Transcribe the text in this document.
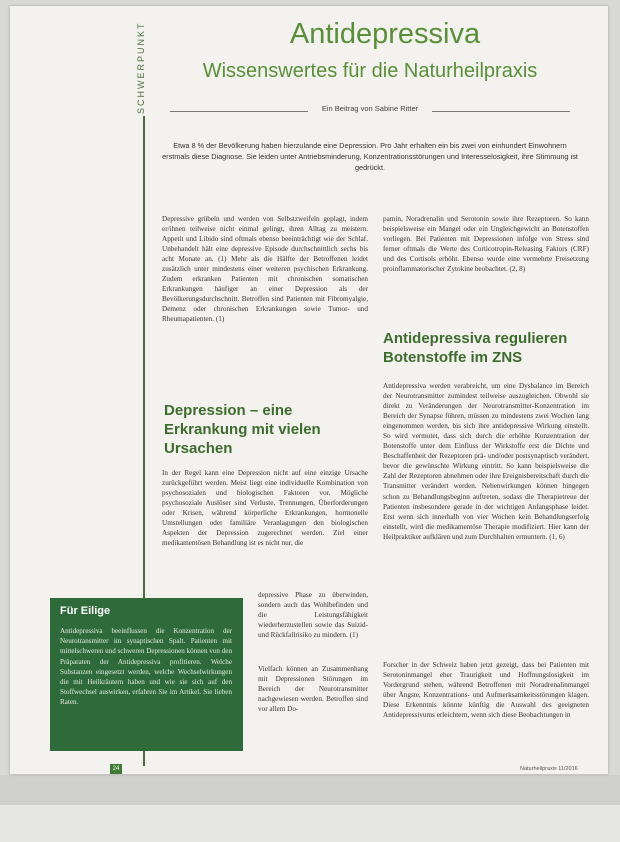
SCHWERPUNKT	Antidepressiva
Wissenswertes für die Naturheilpraxis
Ein Beitrag von Sabine Ritter
Etwa 8 % der Bevölkerung haben hierzulande eine Depression. Pro Jahr erhalten ein bis zwei von einhundert Einwohnern erstmals diese Diagnose. Sie leiden unter Antriebsminderung, Konzentrationsstörungen und Interesselosigkeit, ihre Stimmung ist gedrückt.
Depressive grübeln und werden von Selbstzweifeln geplagt, indem er/ihnen teilweise nicht einmal gelingt, ihren Alltag zu meistern. Appetit und Libido sind oftmals ebenso beeinträchtigt wie der Schlaf. Unbehandelt hält eine depressive Episode durchschnittlich sechs bis acht Monate an. (1) Mehr als die Hälfte der Betroffenen leidet zusätzlich unter mindestens einer weiteren psychischen Erkrankung. Zudem erkranken Patienten mit chronischen somatischen Erkrankungen häufiger an einer Depression als der Bevölkerungsdurchschnitt. Betroffen sind Patienten mit Fibromyalgie, Demenz oder chronischen Erkrankungen sowie Tumor- und Rheumapatienten. (1)
Depression – eine Erkrankung mit vielen Ursachen
In der Regel kann eine Depression nicht auf eine einzige Ursache zurückgeführt werden. Meist liegt eine individuelle Kombination von psychosozialen und biologischen Faktoren vor. Mögliche psychosoziale Auslöser sind Verluste, Trennungen, Überforderungen oder Krisen, während körperliche Erkrankungen, hormonelle Umstellungen oder familiäre Veranlagungen den biologischen Aspekten der Depression zugerechnet werden. Ziel einer medikamentösen Behandlung ist es nicht nur, die
depressive Phase zu überwinden, sondern auch das Wohlbefinden und die Leistungsfähigkeit wiederherzustellen sowie das Suizid- und Rückfallrisiko zu mindern. (1)
Vielfach können an Zusammenhang mit Depressionen Störungen im Bereich der Neurotransmitter nachgewiesen werden. Betroffen sind vor allem Do-
pamin, Noradrenalin und Serotonin sowie ihre Rezeptoren. So kann beispielsweise ein Mangel oder ein Ungleichgewicht an Botenstoffen vorliegen. Bei Patienten mit Depressionen infolge von Stress sind ferner oftmals die Werte des Corticotropin-Releasing Faktors (CRF) und des Cortisols erhöht. Ebenso wurde eine vermehrte Freisetzung proinflammatorischer Zytokine beobachtet. (2, 8)
Antidepressiva regulieren Botenstoffe im ZNS
Antidepressiva werden verabreicht, um eine Dysbalance im Bereich der Neurotransmitter zumindest teilweise auszugleichen. Obwohl sie direkt zu Veränderungen der Neurotransmitter-Konzentration im Bereich der Synapse führen, müssen zu mindestens zwei Wochen lang eingenommen werden, bis sich ihre antidepressive Wirkung einstellt. So wird vermutet, dass sich durch die erhöhte Konzentration der Botenstoffe unter dem Einfluss der Wirkstoffe erst die Dichte und Beschaffenheit der Rezeptoren prä- und/oder postsynaptisch verändert, bevor die gewünschte Wirkung eintritt. So kann beispielsweise die Zahl der Rezeptoren abnehmen oder ihre Ereignisbereitschaft durch die Transmitter verändert werden. Nebenwirkungen können hingegen schon zu Behandlungsbeginn auftreten, sodass die Therapietreue der Patienten insbesondere gerade in der wichtigen Anfangsphase leidet. Erst wenn sich innerhalb von vier Wochen kein Behandlungserfolg einstellt, wird die medikamentöse Therapie modifiziert. Hier kann der Heilpraktiker aufklären und zum Durchhalten ermuntern. (1, 6)
Forscher in der Schweiz haben jetzt gezeigt, dass bei Patienten mit Serotoninmangel eher Traurigkeit und Hoffnungslosigkeit im Vordergrund stehen, während Betroffenen mit Noradrenalinmangel über Ängste, Konzentrations- und Aufmerksamkeitsstörungen klagen. Diese Erkenntnis könnte künftig die Auswahl des geeigneten Antidepressivums erleichtern, wenn sich diese Beobachtungen in
Für Eilige
Antidepressiva beeinflussen die Konzentration der Neurotransmitter im synaptischen Spalt. Patienten mit mittelschweren und schweren Depressionen können von den Präparaten der Antidepressiva profitieren. Welche Substanzen eingesetzt werden, welche Wechselwirkungen die mit Heilkräutern haben und wie sie sich auf den Stoffwechsel auswirken, erfahren Sie im Artikel. Sie lieben Raten.
24	Naturheilpraxis 11/2016
